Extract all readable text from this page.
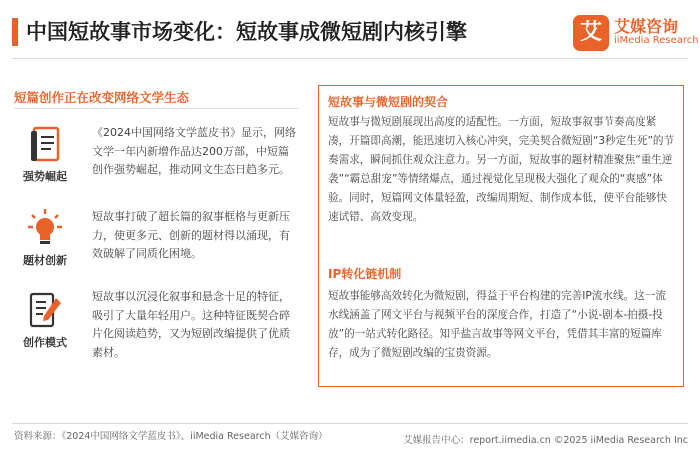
中国短故事市场变化：短故事成微短剧内核引擎	艾 艾媒咨询
iiMedia Research
短篇创作正在改变网络文学生态
强势崛起
《2024中国网络文学蓝皮书》显示，网络文学一年内新增作品达200万部，中短篇创作强势崛起，推动网文生态日趋多元。
题材创新
短故事打破了超长篇的叙事框格与更新压力，使更多元、创新的题材得以涌现，有效破解了同质化困境。
创作模式
短故事以沉浸化叙事和悬念十足的特征，吸引了大量年轻用户。这种特征既契合碎片化阅读趋势，又为短剧改编提供了优质素材。
短故事与微短剧的契合
短故事与微短剧展现出高度的适配性。一方面，短故事叙事节奏高度紧凑，开篇即高潮，能迅速切入核心冲突，完美契合微短剧“3秒定生死”的节奏需求，瞬间抓住观众注意力。另一方面，短故事的题材精准聚焦“重生逆袭”“霸总甜宠”等情绪爆点，通过视觉化呈现极大强化了观众的“爽感”体验。同时，短篇网文体量轻盈，改编周期短、制作成本低，使平台能够快速试错、高效变现。
IP转化链机制
短故事能够高效转化为微短剧，得益于平台构建的完善IP流水线。这一流水线涵盖了网文平台与视频平台的深度合作，打造了“小说-剧本-拍摄-投放”的一站式转化路径。知乎盐言故事等网文平台，凭借其丰富的短篇库存，成为了微短剧改编的宝贵资源。
资料来源：《2024中国网络文学蓝皮书》、iiMedia Research（艾媒咨询）	艾媒报告中心：report.iimedia.cn ©2025 iiMedia Research Inc
